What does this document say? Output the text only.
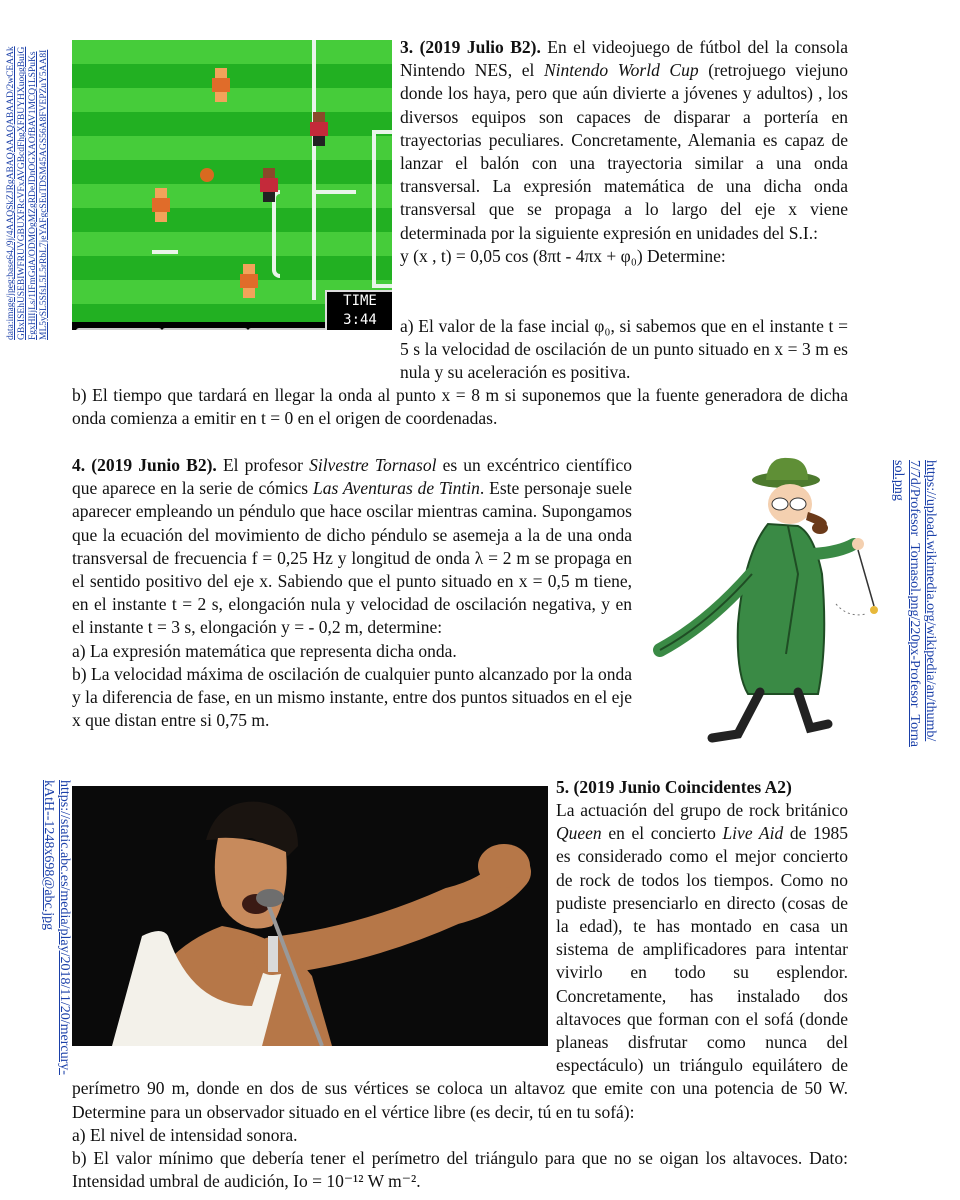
TIME
3:44
data:image/jpeg;base64,/9j/4AAQSkZJRgABAQAAAQABAAD/2wCEAAkGBxISEhUSEBIWFRUVGBUXFRcVFxAVGBcdFhgXFBUYHXuoqgBuiGFgxHlIjLs/1IFmGdA/ODMOgMZgRDeJDnOGXAOfBAV1MCQ1LSPuKsML5ySL5SfsL5L5rRbL7jeYAFgcSEuTDSM45AGS56A8FVEPZuY5AA8I
3. (2019 Julio B2). En el videojuego de fútbol del la consola Nintendo NES, el Nintendo World Cup (retrojuego viejuno donde los haya, pero que aún divierte a jóvenes y adultos) , los diversos equipos son capaces de disparar a portería en trayectorias peculiares. Concretamente, Alemania es capaz de lanzar el balón con una trayectoria similar a una onda transversal. La expresión matemática de una dicha onda transversal que se propaga a lo largo del eje x viene determinada por la siguiente expresión en unidades del S.I.:
y (x , t) = 0,05 cos (8πt - 4πx + φ₀) Determine:
a) El valor de la fase incial φ₀, si sabemos que en el instante t = 5 s la velocidad de oscilación de un punto situado en x = 3 m es nula y su aceleración es positiva.
b) El tiempo que tardará en llegar la onda al punto x = 8 m si suponemos que la fuente generadora de dicha onda comienza a emitir en t = 0 en el origen de coordenadas.
4. (2019 Junio B2). El profesor Silvestre Tornasol es un excéntrico científico que aparece en la serie de cómics Las Aventuras de Tintin. Este personaje suele aparecer empleando un péndulo que hace oscilar mientras camina. Supongamos que la ecuación del movimiento de dicho péndulo se asemeja a la de una onda transversal de frecuencia f = 0,25 Hz y longitud de onda λ = 2 m se propaga en el sentido positivo del eje x. Sabiendo que el punto situado en x = 0,5 m tiene, en el instante t = 2 s, elongación nula y velocidad de oscilación negativa, y en el instante t = 3 s, elongación y = - 0,2 m, determine:
a) La expresión matemática que representa dicha onda.
b) La velocidad máxima de oscilación de cualquier punto alcanzado por la onda y la diferencia de fase, en un mismo instante, entre dos puntos situados en el eje x que distan entre si 0,75 m.	https://upload.wikimedia.org/wikipedia/an/thumb/7/7d/Profesor_Tornasol.png/220px-Profesor_Tornasol.png
https://static.abc.es/media/play/2018/11/20/mercury-kAtH--1248x698@abc.jpg	5. (2019 Junio Coincidentes A2)
La actuación del grupo de rock británico Queen en el concierto Live Aid de 1985 es considerado como el mejor concierto de rock de todos los tiempos. Como no pudiste presenciarlo en directo (cosas de la edad), te has montado en casa un sistema de amplificadores para intentar vivirlo en todo su esplendor. Concretamente, has instalado dos altavoces que forman con el sofá (donde planeas disfrutar como nunca del espectáculo) un triángulo equilátero de perímetro 90 m, donde en dos de sus vértices se coloca un altavoz que emite con una potencia de 50 W. Determine para un observador situado en el vértice libre (es decir, tú en tu sofá):
a) El nivel de intensidad sonora.
b) El valor mínimo que debería tener el perímetro del triángulo para que no se oigan los altavoces. Dato: Intensidad umbral de audición, Io = 10⁻¹² W m⁻².
